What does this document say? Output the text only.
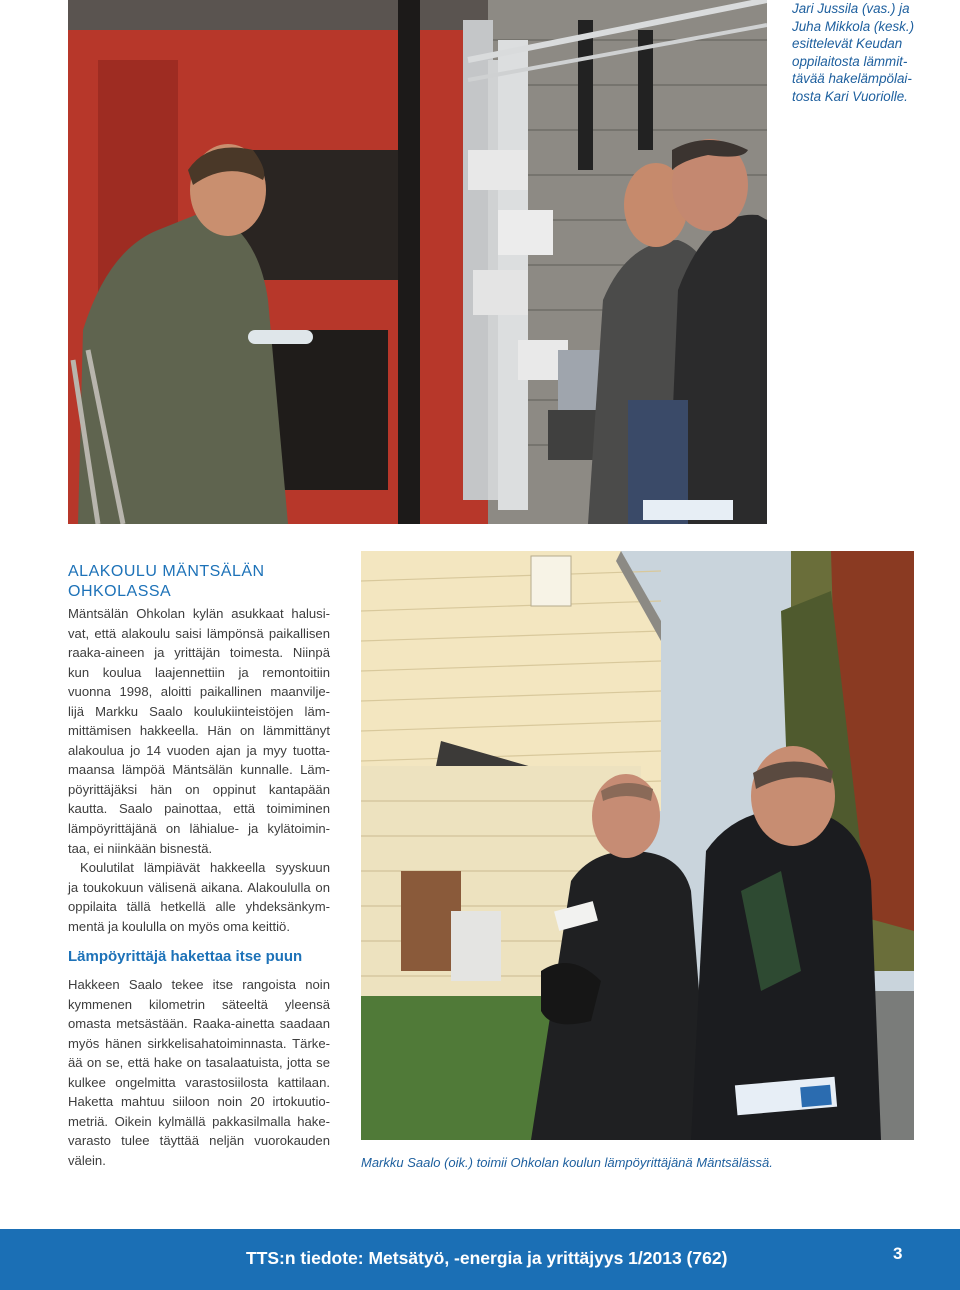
Jari Jussila (vas.) ja
Juha Mikkola (kesk.)
esittelevät Keudan
oppilaitosta lämmit-
tävää hakelämpölai-
tosta Kari Vuoriolle.
ALAKOULU MÄNTSÄLÄN
OHKOLASSA
Mäntsälän Ohkolan kylän asukkaat halusi-
vat, että alakoulu saisi lämpönsä paikallisen
raaka-aineen ja yrittäjän toimesta. Niinpä
kun koulua laajennettiin ja remontoitiin
vuonna 1998, aloitti paikallinen maanvilje-
lijä Markku Saalo koulukiinteistöjen läm-
mittämisen hakkeella. Hän on lämmittänyt
alakoulua jo 14 vuoden ajan ja myy tuotta-
maansa lämpöä Mäntsälän kunnalle. Läm-
pöyrittäjäksi hän on oppinut kantapään
kautta. Saalo painottaa, että toimiminen
lämpöyrittäjänä on lähialue- ja kylätoimin-
taa, ei niinkään bisnestä.
Koulutilat lämpiävät hakkeella syyskuun
ja toukokuun välisenä aikana. Alakoululla on
oppilaita tällä hetkellä alle yhdeksänkym-
mentä ja koululla on myös oma keittiö.
Lämpöyrittäjä hakettaa itse puun
Hakkeen Saalo tekee itse rangoista noin
kymmenen kilometrin säteeltä yleensä
omasta metsästään. Raaka-ainetta saadaan
myös hänen sirkkelisahatoiminnasta. Tärke-
ää on se, että hake on tasalaatuista, jotta se
kulkee ongelmitta varastosiilosta kattilaan.
Haketta mahtuu siiloon noin 20 irtokuutio-
metriä. Oikein kylmällä pakkasilmalla hake-
varasto tulee täyttää neljän vuorokauden
välein.	Markku Saalo (oik.) toimii Ohkolan koulun lämpöyrittäjänä Mäntsälässä.
TTS:n tiedote: Metsätyö, -energia ja yrittäjyys 1/2013 (762)	3
